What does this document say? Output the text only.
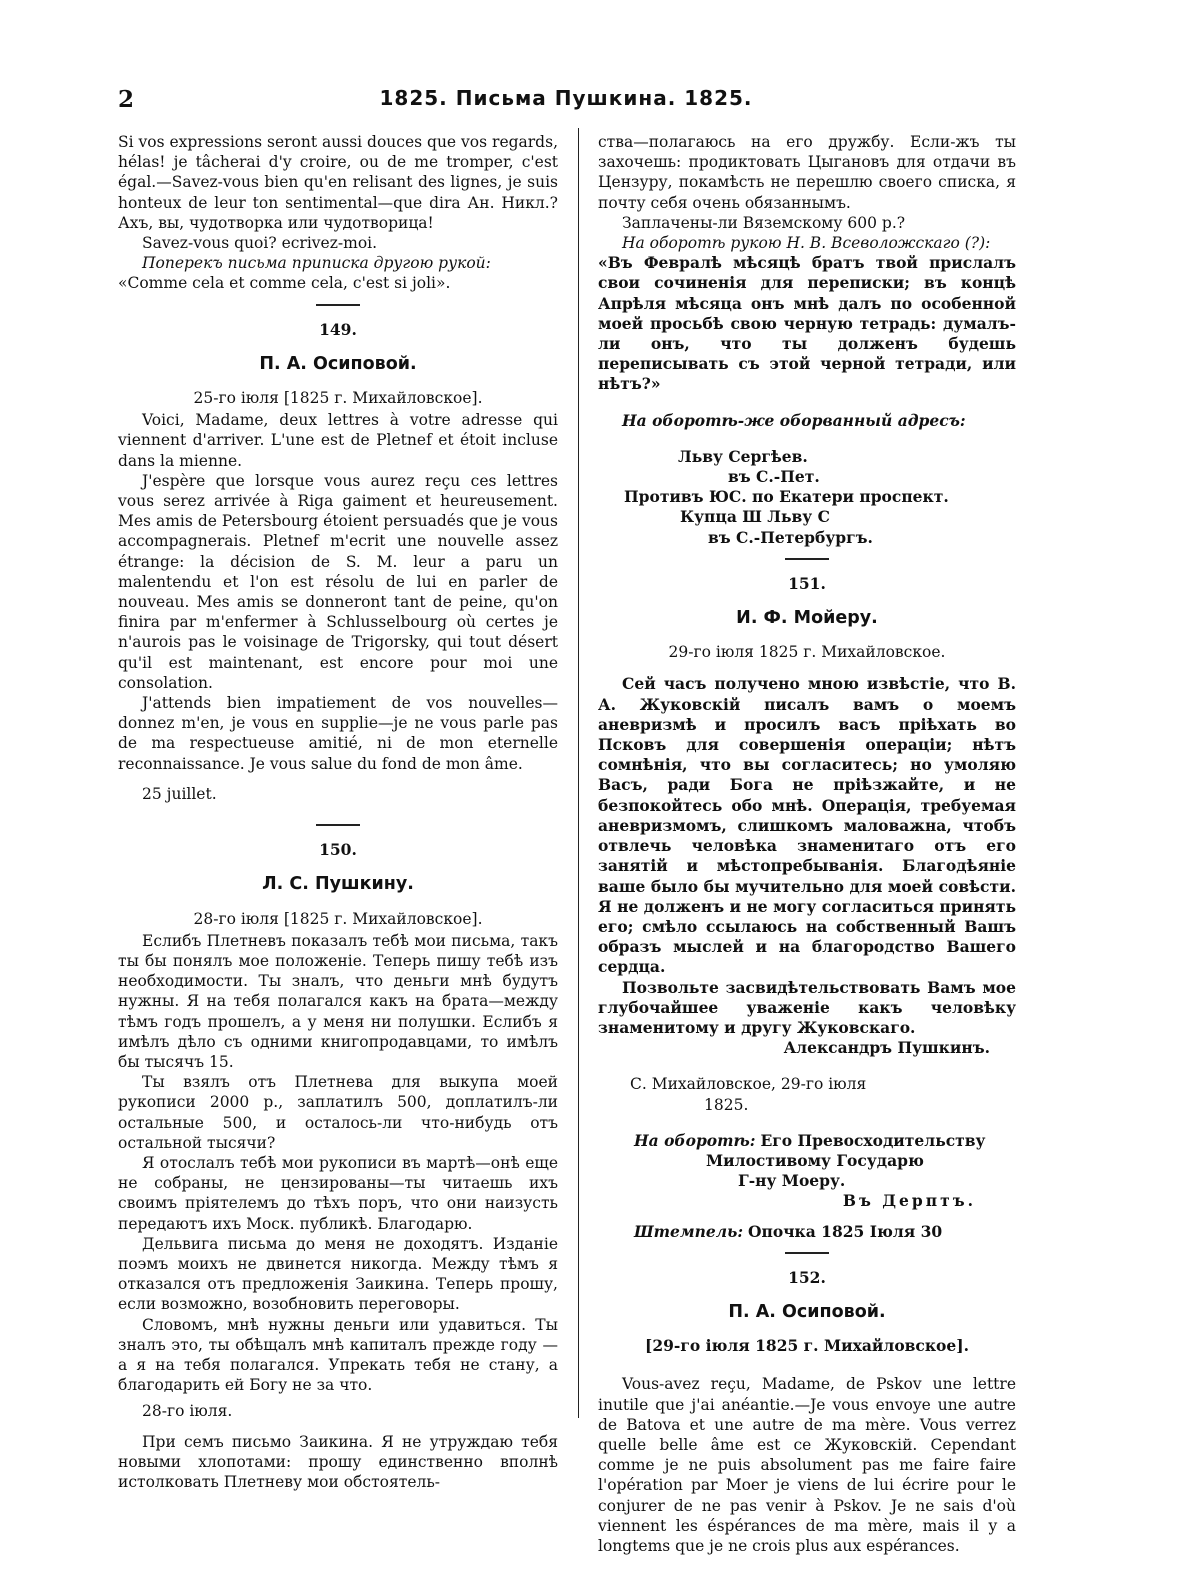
2	1825. Письма Пушкина. 1825.

Si vos expressions seront aussi douces que vos regards, hélas! je tâcherai d'y croire, ou de me tromper, c'est égal.—Savez-vous bien qu'en relisant des lignes, je suis honteux de leur ton sentimental—que dira Ан. Никл.? Ахъ, вы, чудотворка или чудотворица!

Savez-vous quoi? ecrivez-moi.

Поперекъ письма приписка другою рукой:

«Comme cela et comme cela, c'est si joli».

149.

П. А. Осиповой.

25-го іюля [1825 г. Михайловское].

Voici, Madame, deux lettres à votre adresse qui viennent d'arriver. L'une est de Pletnef et étoit incluse dans la mienne.

J'espère que lorsque vous aurez reçu ces lettres vous serez arrivée à Riga gaiment et heureusement. Mes amis de Petersbourg étoient persuadés que je vous accompagnerais. Pletnef m'ecrit une nouvelle assez étrange: la décision de S. M. leur a paru un malentendu et l'on est résolu de lui en parler de nouveau. Mes amis se donneront tant de peine, qu'on finira par m'enfermer à Schlusselbourg où certes je n'aurois pas le voisinage de Trigorsky, qui tout désert qu'il est maintenant, est encore pour moi une consolation.

J'attends bien impatiement de vos nouvelles—donnez m'en, je vous en supplie—je ne vous parle pas de ma respectueuse amitié, ni de mon eternelle reconnaissance. Je vous salue du fond de mon âme.

25 juillet.

150.

Л. С. Пушкину.

28-го іюля [1825 г. Михайловское].

Еслибъ Плетневъ показалъ тебѣ мои письма, такъ ты бы понялъ мое положеніе. Теперь пишу тебѣ изъ необходимости. Ты зналъ, что деньги мнѣ будутъ нужны. Я на тебя полагался какъ на брата—между тѣмъ годъ прошелъ, а у меня ни полушки. Еслибъ я имѣлъ дѣло съ одними книгопродавцами, то имѣлъ бы тысячъ 15.

Ты взялъ отъ Плетнева для выкупа моей рукописи 2000 р., заплатилъ 500, доплатилъ-ли остальные 500, и осталось-ли что-нибудь отъ остальной тысячи?

Я отослалъ тебѣ мои рукописи въ мартѣ—онѣ еще не собраны, не цензированы—ты читаешь ихъ своимъ пріятелемъ до тѣхъ поръ, что они наизусть передаютъ ихъ Моск. публикѣ. Благодарю.

Дельвига письма до меня не доходятъ. Изданіе поэмъ моихъ не двинется никогда. Между тѣмъ я отказался отъ предложенія Заикина. Теперь прошу, если возможно, возобновить переговоры.

Словомъ, мнѣ нужны деньги или удавиться. Ты зналъ это, ты обѣщалъ мнѣ капиталъ прежде году — а я на тебя полагался. Упрекать тебя не стану, а благодарить ей Богу не за что.

28-го іюля.

При семъ письмо Заикина. Я не утруждаю тебя новыми хлопотами: прошу единственно вполнѣ истолковать Плетневу мои обстоятель-

ства—полагаюсь на его дружбу. Если-жъ ты захочешь: продиктовать Цыгановъ для отдачи въ Цензуру, покамѣсть не перешлю своего списка, я почту себя очень обязаннымъ.

Заплачены-ли Вяземскому 600 р.?

На оборотѣ рукою Н. В. Всеволожскаго (?):

«Въ Февралѣ мѣсяцѣ братъ твой прислалъ свои сочиненія для переписки; въ концѣ Апрѣля мѣсяца онъ мнѣ далъ по особенной моей просьбѣ свою черную тетрадь: думалъ-ли онъ, что ты долженъ будешь переписывать съ этой черной тетради, или нѣтъ?»

На оборотѣ-же оборванный адресъ:

Льву Сергѣев.

въ С.-Пет.

Противъ ЮС. по Екатери проспект.

Купца Ш Льву С

въ С.-Петербургъ.

151.

И. Ф. Мойеру.

29-го іюля 1825 г. Михайловское.

Сей часъ получено мною извѣстіе, что В. А. Жуковскій писалъ вамъ о моемъ аневризмѣ и просилъ васъ пріѣхать во Псковъ для совершенія операціи; нѣтъ сомнѣнія, что вы согласитесь; но умоляю Васъ, ради Бога не пріѣзжайте, и не безпокойтесь обо мнѣ. Операція, требуемая аневризмомъ, слишкомъ маловажна, чтобъ отвлечь человѣка знаменитаго отъ его занятій и мѣстопребыванія. Благодѣяніе ваше было бы мучительно для моей совѣсти. Я не долженъ и не могу согласиться принять его; смѣло ссылаюсь на собственный Вашъ образъ мыслей и на благородство Вашего сердца.

Позвольте засвидѣтельствовать Вамъ мое глубочайшее уваженіе какъ человѣку знаменитому и другу Жуковскаго.

Александръ Пушкинъ.

С. Михайловское, 29-го іюля

1825.

На оборотѣ: Его Превосходительству

Милостивому Государю

Г-ну Моеру.

Въ Дерптъ.

Штемпель: Опочка 1825 Іюля 30

152.

П. А. Осиповой.

[29-го іюля 1825 г. Михайловское].

Vous-avez reçu, Madame, de Pskov une lettre inutile que j'ai anéantie.—Je vous envoye une autre de Batova et une autre de ma mère. Vous verrez quelle belle âme est ce Жуковскій. Cependant comme je ne puis absolument pas me faire faire l'opération par Moer je viens de lui écrire pour le conjurer de ne pas venir à Pskov. Je ne sais d'où viennent les éspérances de ma mère, mais il y a longtems que je ne crois plus aux espérances.
